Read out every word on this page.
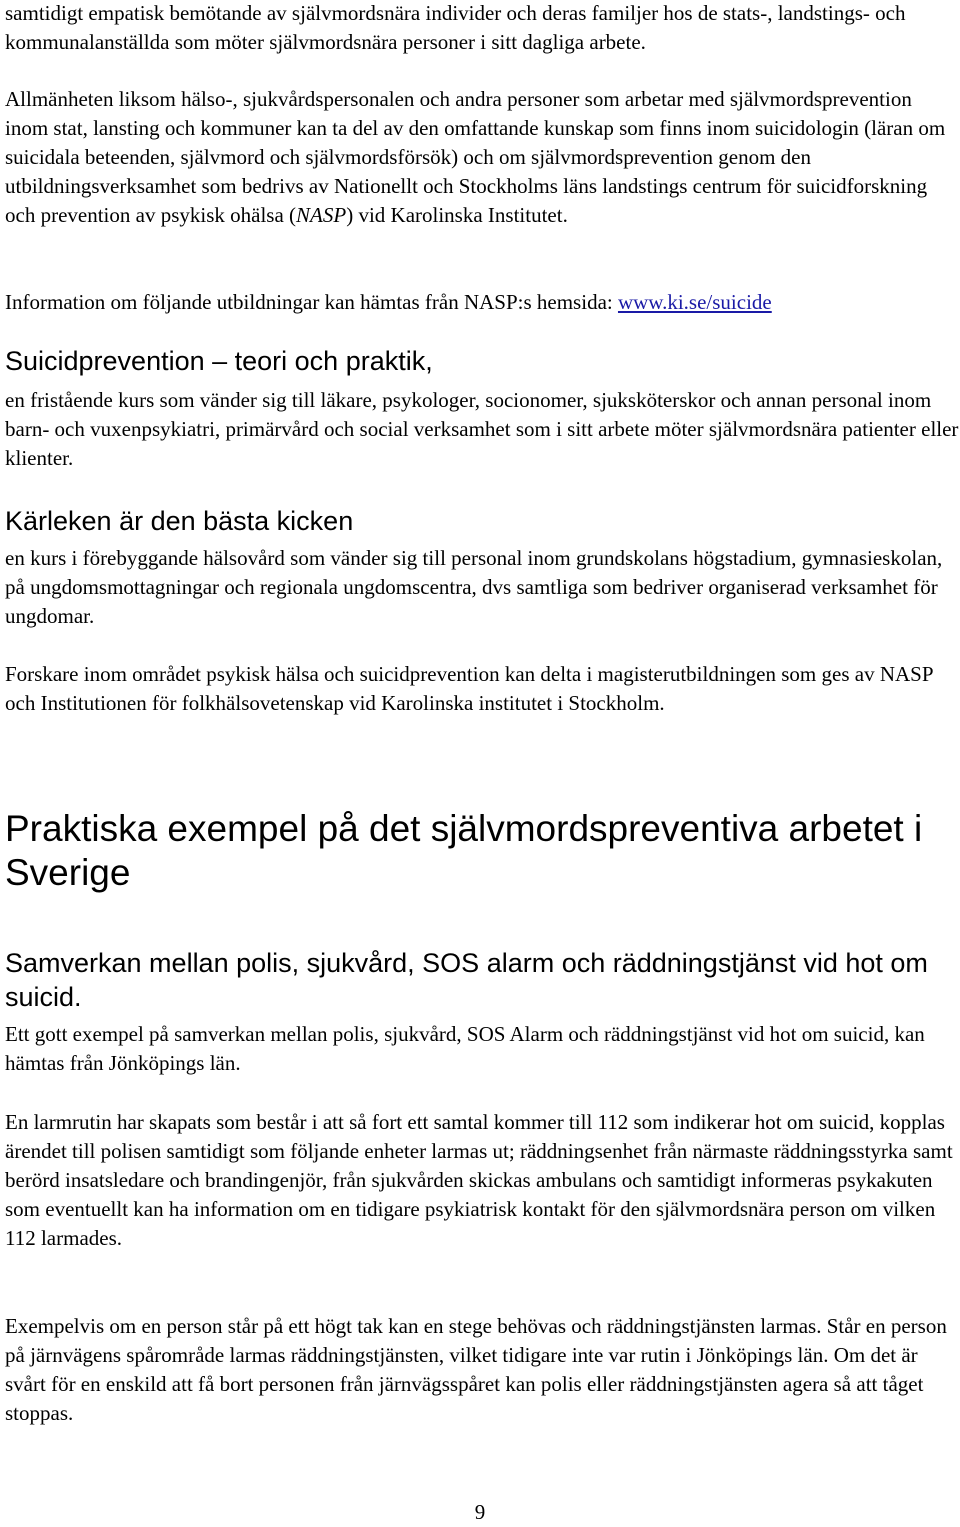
samtidigt empatisk bemötande av självmordsnära individer och deras familjer hos de stats-, landstings- och kommunalanställda som möter självmordsnära personer i sitt dagliga arbete.

Allmänheten liksom hälso-, sjukvårdspersonalen och andra personer som arbetar med självmordsprevention inom stat, lansting och kommuner kan ta del av den omfattande kunskap som finns inom suicidologin (läran om suicidala beteenden, självmord och självmordsförsök) och om självmordsprevention genom den utbildningsverksamhet som bedrivs av Nationellt och Stockholms läns landstings centrum för suicidforskning och prevention av psykisk ohälsa (NASP) vid Karolinska Institutet.

Information om följande utbildningar kan hämtas från NASP:s hemsida: www.ki.se/suicide

Suicidprevention – teori och praktik,

en fristående kurs som vänder sig till läkare, psykologer, socionomer, sjuksköterskor och annan personal inom barn- och vuxenpsykiatri, primärvård och social verksamhet som i sitt arbete möter självmordsnära patienter eller klienter.

Kärleken är den bästa kicken

en kurs i förebyggande hälsovård som vänder sig till personal inom grundskolans högstadium, gymnasieskolan, på ungdomsmottagningar och regionala ungdomscentra, dvs samtliga som bedriver organiserad verksamhet för ungdomar.

Forskare inom området psykisk hälsa och suicidprevention kan delta i magisterutbildningen som ges av NASP och Institutionen för folkhälsovetenskap vid Karolinska institutet i Stockholm.

Praktiska exempel på det självmordspreventiva arbetet i Sverige
Samverkan mellan polis, sjukvård, SOS alarm och räddningstjänst vid hot om suicid.

Ett gott exempel på samverkan mellan polis, sjukvård, SOS Alarm och räddningstjänst vid hot om suicid, kan hämtas från Jönköpings län.

En larmrutin har skapats som består i att så fort ett samtal kommer till 112 som indikerar hot om suicid, kopplas ärendet till polisen samtidigt som följande enheter larmas ut; räddningsenhet från närmaste räddningsstyrka samt berörd insatsledare och brandingenjör, från sjukvården skickas ambulans och samtidigt informeras psykakuten som eventuellt kan ha information om en tidigare psykiatrisk kontakt för den självmordsnära person om vilken 112 larmades.

Exempelvis om en person står på ett högt tak kan en stege behövas och räddningstjänsten larmas. Står en person på järnvägens spårområde larmas räddningstjänsten, vilket tidigare inte var rutin i Jönköpings län. Om det är svårt för en enskild att få bort personen från järnvägsspåret kan polis eller räddningstjänsten agera så att tåget stoppas.

9
